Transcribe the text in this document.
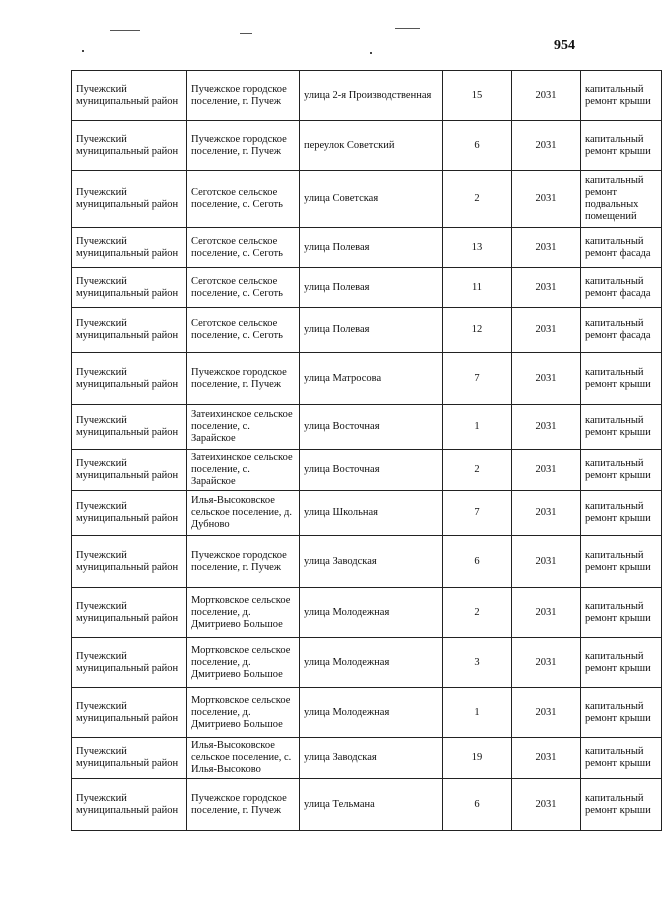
954
Пучежский муниципальный район	Пучежское городское поселение, г. Пучеж	улица 2-я Производственная	15	2031	капитальный ремонт крыши
Пучежский муниципальный район	Пучежское городское поселение, г. Пучеж	переулок Советский	6	2031	капитальный ремонт крыши
Пучежский муниципальный район	Сеготское сельское поселение, с. Сеготь	улица Советская	2	2031	капитальный ремонт подвальных помещений
Пучежский муниципальный район	Сеготское сельское поселение, с. Сеготь	улица Полевая	13	2031	капитальный ремонт фасада
Пучежский муниципальный район	Сеготское сельское поселение, с. Сеготь	улица Полевая	11	2031	капитальный ремонт фасада
Пучежский муниципальный район	Сеготское сельское поселение, с. Сеготь	улица Полевая	12	2031	капитальный ремонт фасада
Пучежский муниципальный район	Пучежское городское поселение, г. Пучеж	улица Матросова	7	2031	капитальный ремонт крыши
Пучежский муниципальный район	Затеихинское сельское поселение, с. Зарайское	улица Восточная	1	2031	капитальный ремонт крыши
Пучежский муниципальный район	Затеихинское сельское поселение, с. Зарайское	улица Восточная	2	2031	капитальный ремонт крыши
Пучежский муниципальный район	Илья-Высоковское сельское поселение, д. Дубново	улица Школьная	7	2031	капитальный ремонт крыши
Пучежский муниципальный район	Пучежское городское поселение, г. Пучеж	улица Заводская	6	2031	капитальный ремонт крыши
Пучежский муниципальный район	Мортковское сельское поселение, д. Дмитриево Большое	улица Молодежная	2	2031	капитальный ремонт крыши
Пучежский муниципальный район	Мортковское сельское поселение, д. Дмитриево Большое	улица Молодежная	3	2031	капитальный ремонт крыши
Пучежский муниципальный район	Мортковское сельское поселение, д. Дмитриево Большое	улица Молодежная	1	2031	капитальный ремонт крыши
Пучежский муниципальный район	Илья-Высоковское сельское поселение, с. Илья-Высоково	улица Заводская	19	2031	капитальный ремонт крыши
Пучежский муниципальный район	Пучежское городское поселение, г. Пучеж	улица Тельмана	6	2031	капитальный ремонт крыши
